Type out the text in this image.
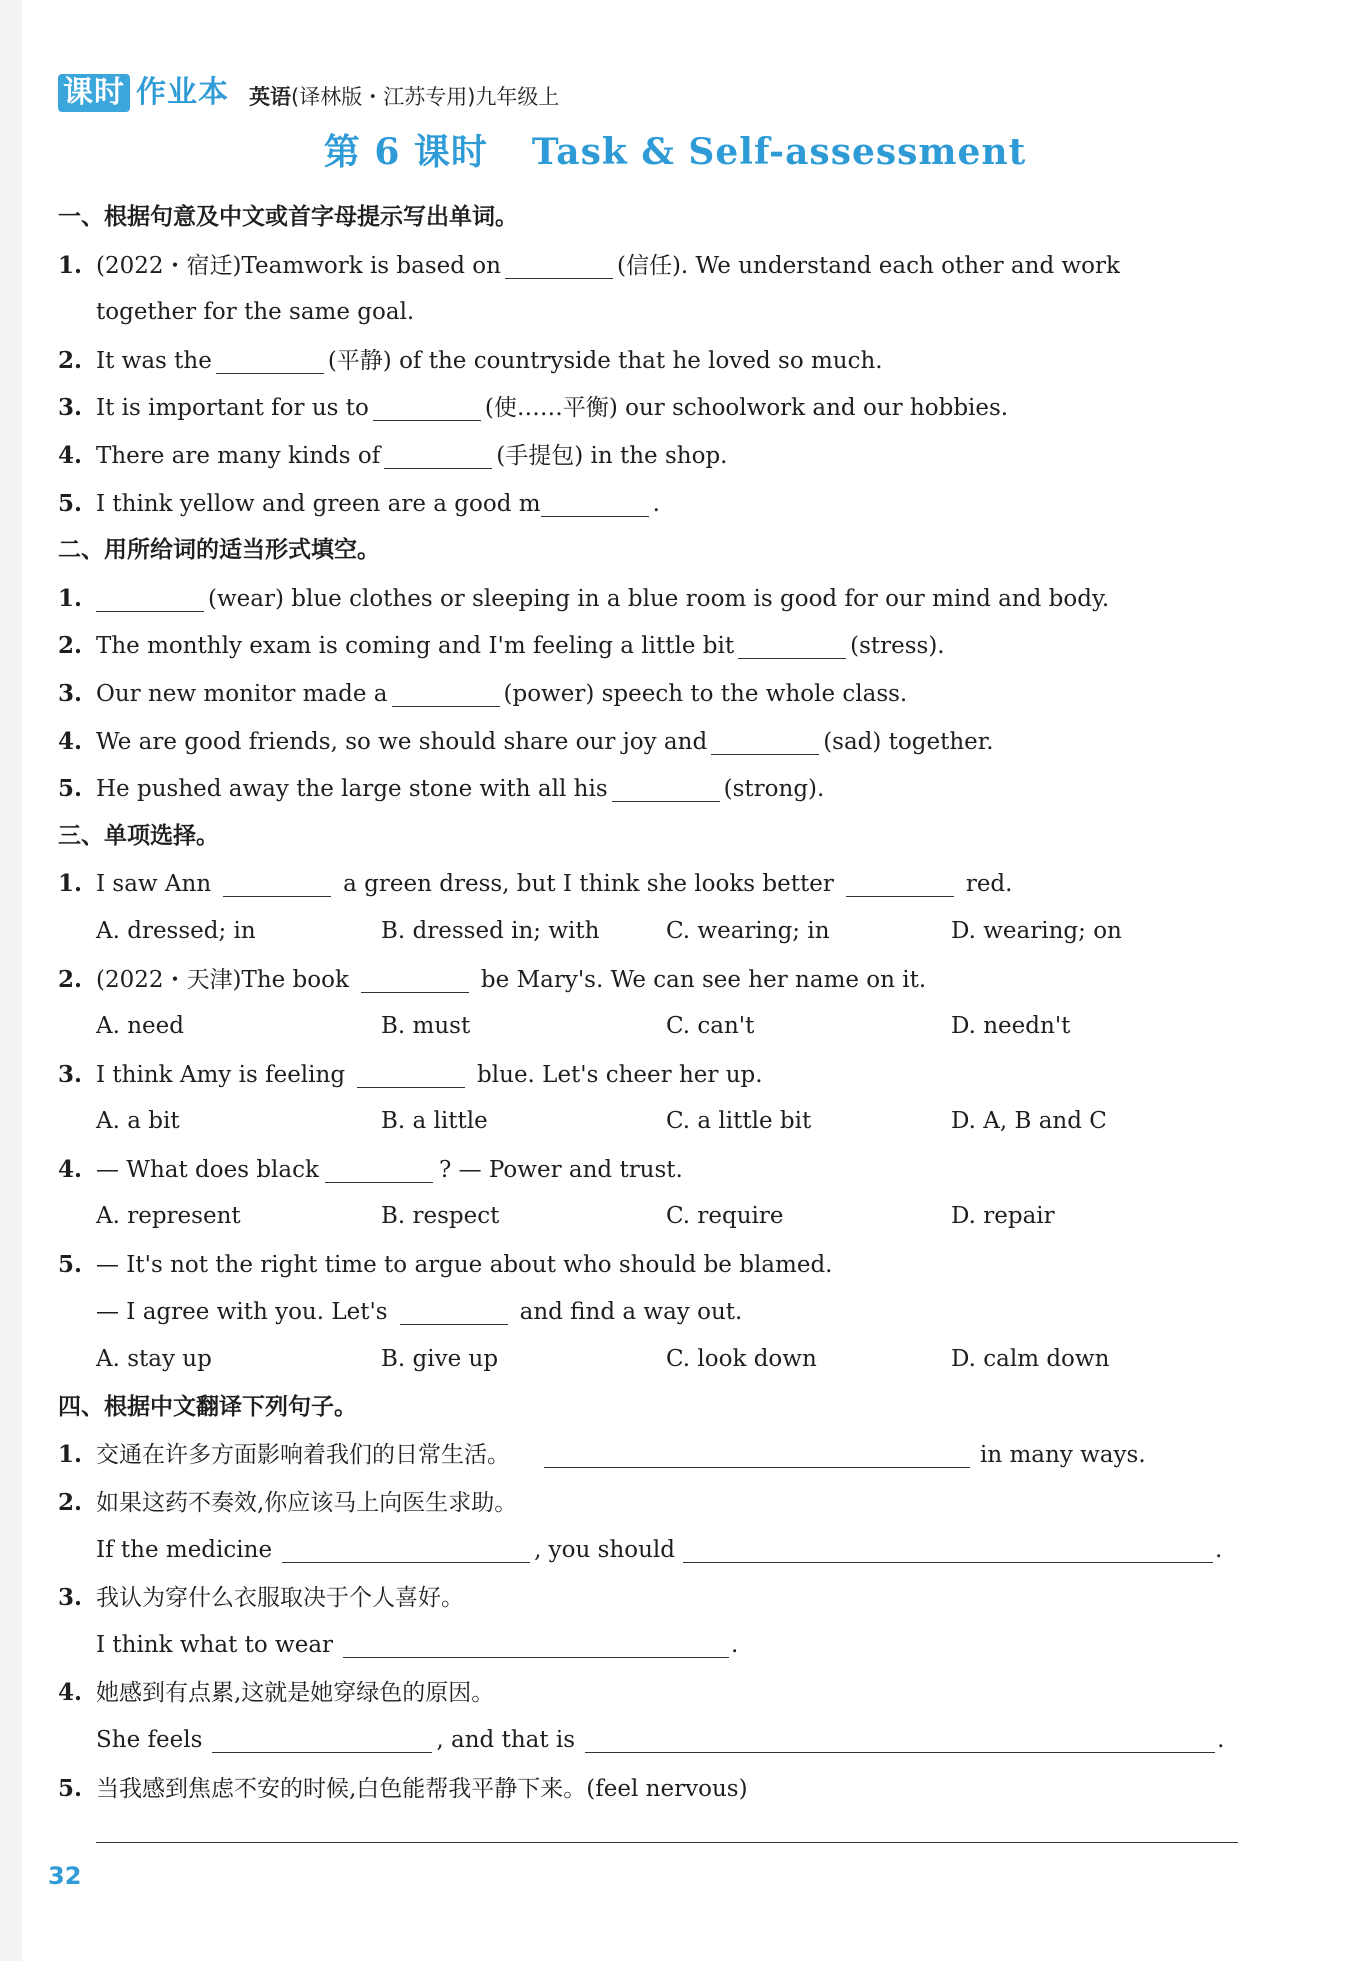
课时 作业本 英语(译林版・江苏专用)九年级上
第 6 课时 Task & Self-assessment
一、根据句意及中文或首字母提示写出单词。
1. (2022・宿迁)Teamwork is based on	(信任). We understand each other and work
together for the same goal.
2. It was the	(平静) of the countryside that he loved so much.
3. It is important for us to	(使……平衡) our schoolwork and our hobbies.
4. There are many kinds of	(手提包) in the shop.
5. I think yellow and green are a good m	.
二、用所给词的适当形式填空。
1.	(wear) blue clothes or sleeping in a blue room is good for our mind and body.
2. The monthly exam is coming and I'm feeling a little bit	(stress).
3. Our new monitor made a	(power) speech to the whole class.
4. We are good friends, so we should share our joy and	(sad) together.
5. He pushed away the large stone with all his	(strong).
三、单项选择。
1. I saw Ann	a green dress, but I think she looks better	red.
A. dressed; in	B. dressed in; with	C. wearing; in	D. wearing; on
2. (2022・天津)The book	be Mary's. We can see her name on it.
A. need	B. must	C. can't	D. needn't
3. I think Amy is feeling	blue. Let's cheer her up.
A. a bit	B. a little	C. a little bit	D. A, B and C
4. — What does black	? — Power and trust.
A. represent	B. respect	C. require	D. repair
5. — It's not the right time to argue about who should be blamed.
— I agree with you. Let's	and find a way out.
A. stay up	B. give up	C. look down	D. calm down
四、根据中文翻译下列句子。
1. 交通在许多方面影响着我们的日常生活。	in many ways.
2. 如果这药不奏效,你应该马上向医生求助。
If the medicine	, you should	.
3. 我认为穿什么衣服取决于个人喜好。
I think what to wear	.
4. 她感到有点累,这就是她穿绿色的原因。
She feels	, and that is	.
5. 当我感到焦虑不安的时候,白色能帮我平静下来。(feel nervous)
32
